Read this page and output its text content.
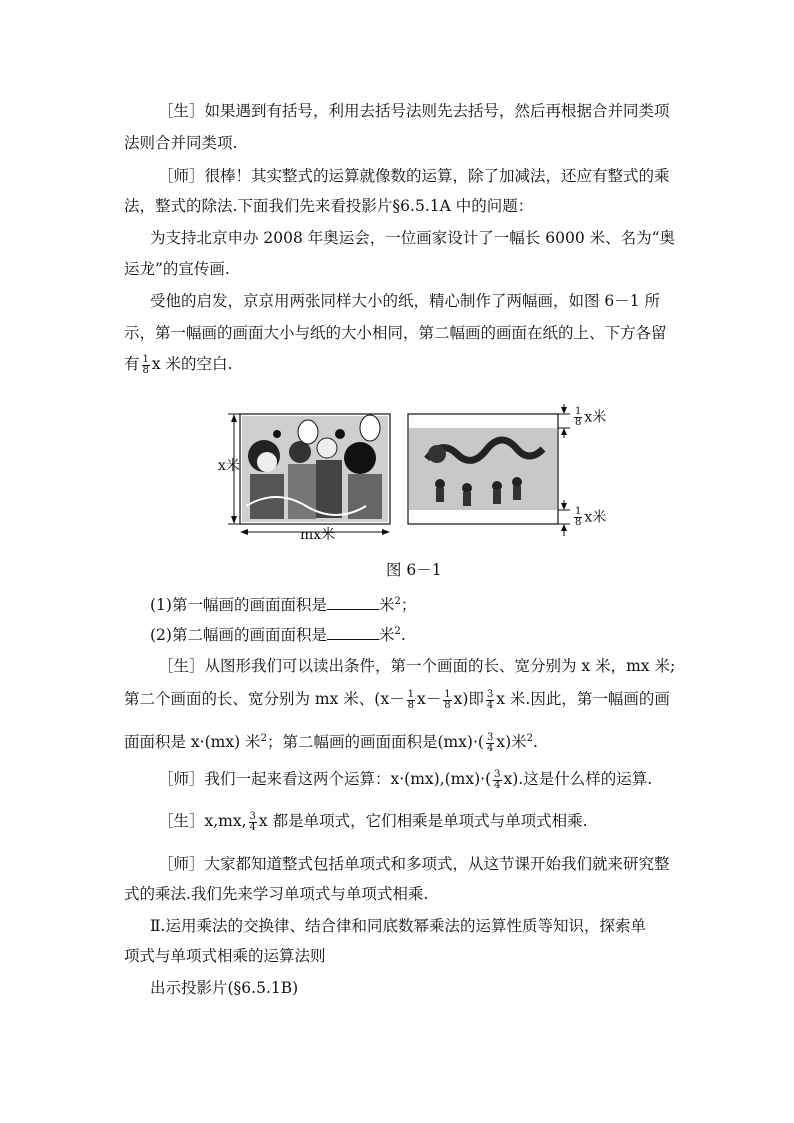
［生］如果遇到有括号，利用去括号法则先去括号，然后再根据合并同类项
法则合并同类项.
［师］很棒！其实整式的运算就像数的运算，除了加减法，还应有整式的乘
法，整式的除法.下面我们先来看投影片§6.5.1A 中的问题：
为支持北京申办 2008 年奥运会，一位画家设计了一幅长 6000 米、名为“奥
运龙”的宣传画.
受他的启发，京京用两张同样大小的纸，精心制作了两幅画，如图 6－1 所
示，第一幅画的画面大小与纸的大小相同，第二幅画的画面在纸的上、下方各留
有 $\frac{1}{8}$ x 米的空白.
x米
mx米
$\frac{1}{8}$ x米
$\frac{1}{8}$ x米
图 6－1
(1)第一幅画的画面面积是	米$^2$；
(2)第二幅画的画面面积是	米$^2$.
［生］从图形我们可以读出条件，第一个画面的长、宽分别为 x 米，mx 米;
第二个画面的长、宽分别为 mx 米、$(x- \frac{1}{8} x- \frac{1}{8} x)$即 $\frac{3}{4}$ x 米.因此，第一幅画的画
面面积是 x·(mx) 米$^2$；第二幅画的画面面积是$(mx)\cdot( \frac{3}{4} x)$米$^2$.
［师］我们一起来看这两个运算：$x\cdot(mx),(mx)\cdot( \frac{3}{4} x)$.这是什么样的运算.
［生］x,mx, $\frac{3}{4}$ x 都是单项式，它们相乘是单项式与单项式相乘.
［师］大家都知道整式包括单项式和多项式，从这节课开始我们就来研究整
式的乘法.我们先来学习单项式与单项式相乘.
Ⅱ.运用乘法的交换律、结合律和同底数幂乘法的运算性质等知识，探索单
项式与单项式相乘的运算法则
出示投影片(§6.5.1B)
